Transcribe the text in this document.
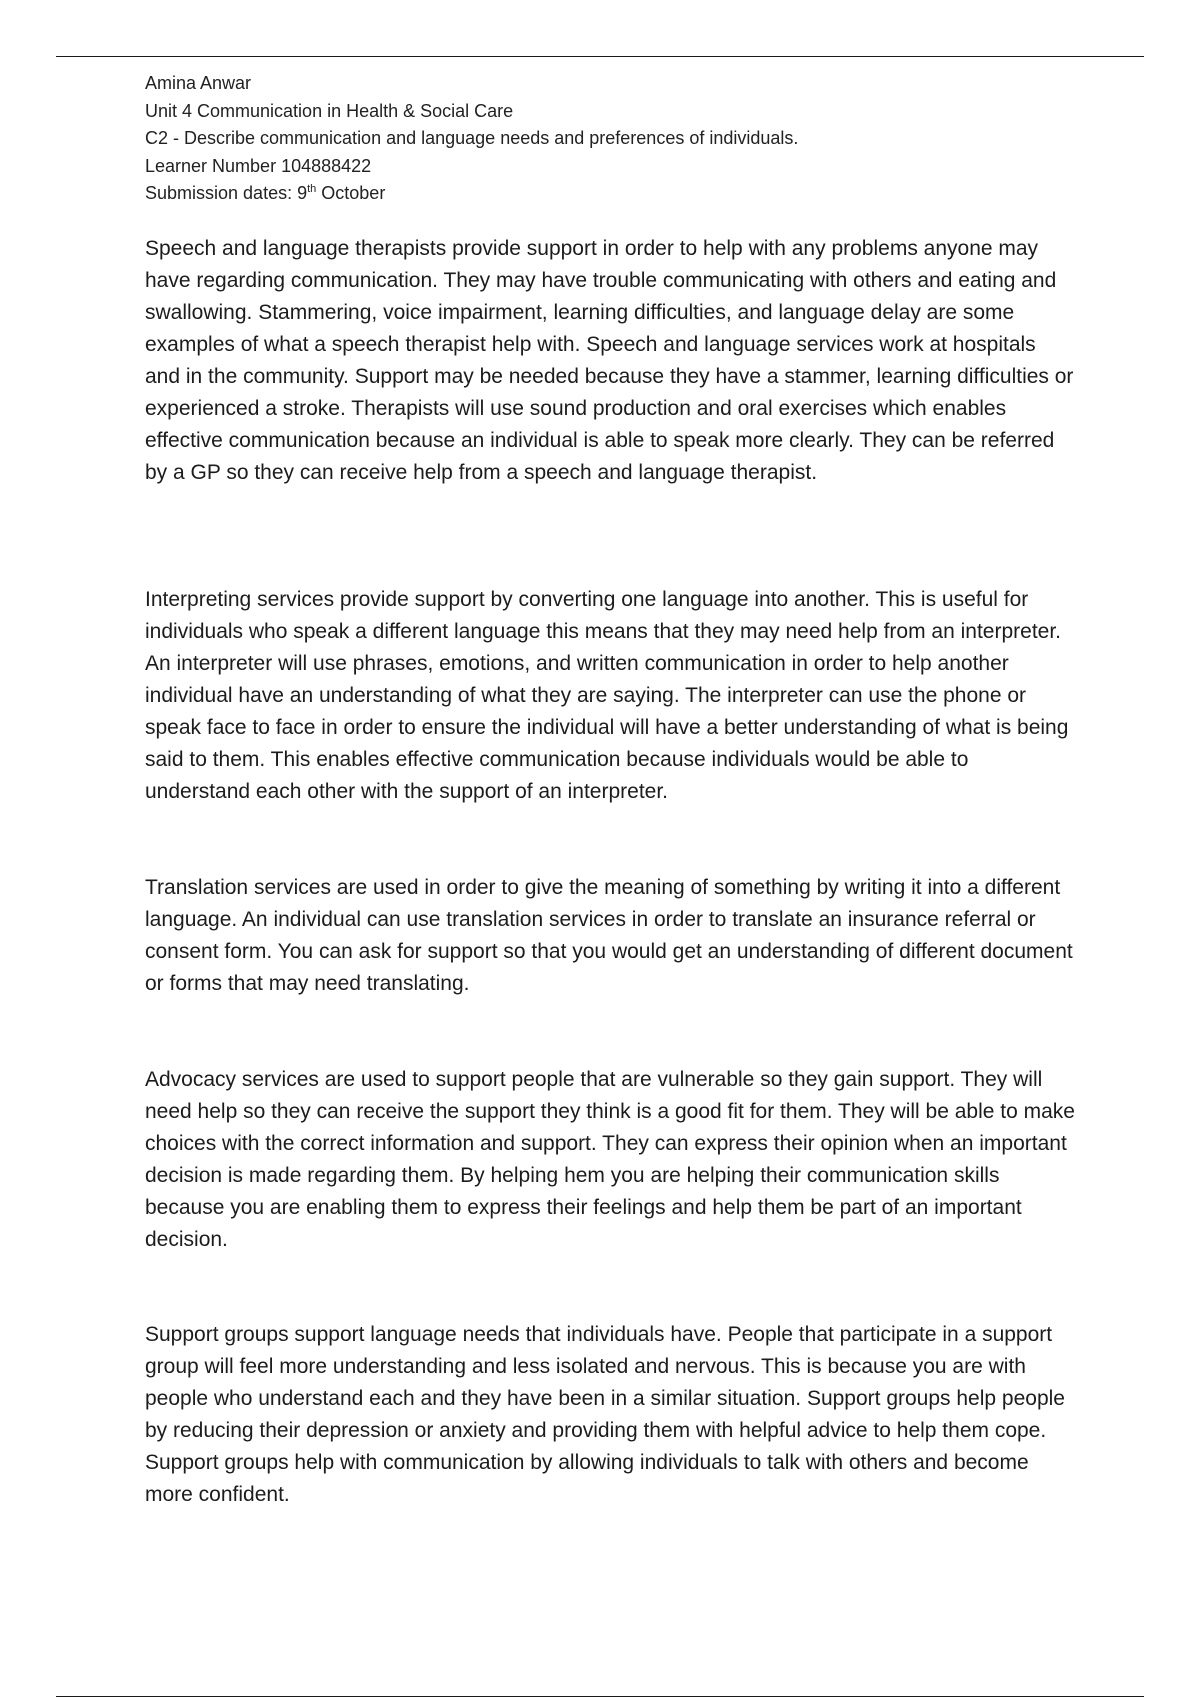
Amina Anwar
Unit 4 Communication in Health & Social Care
C2 - Describe communication and language needs and preferences of individuals.
Learner Number 104888422
Submission dates: 9th October

Speech and language therapists provide support in order to help with any problems anyone may have regarding communication. They may have trouble communicating with others and eating and swallowing. Stammering, voice impairment, learning difficulties, and language delay are some examples of what a speech therapist help with. Speech and language services work at hospitals and in the community. Support may be needed because they have a stammer, learning difficulties or experienced a stroke. Therapists will use sound production and oral exercises which enables effective communication because an individual is able to speak more clearly. They can be referred by a GP so they can receive help from a speech and language therapist.

Interpreting services provide support by converting one language into another. This is useful for individuals who speak a different language this means that they may need help from an interpreter. An interpreter will use phrases, emotions, and written communication in order to help another individual have an understanding of what they are saying. The interpreter can use the phone or speak face to face in order to ensure the individual will have a better understanding of what is being said to them. This enables effective communication because individuals would be able to understand each other with the support of an interpreter.

Translation services are used in order to give the meaning of something by writing it into a different language. An individual can use translation services in order to translate an insurance referral or consent form. You can ask for support so that you would get an understanding of different document or forms that may need translating.

Advocacy services are used to support people that are vulnerable so they gain support. They will need help so they can receive the support they think is a good fit for them. They will be able to make choices with the correct information and support. They can express their opinion when an important decision is made regarding them. By helping hem you are helping their communication skills because you are enabling them to express their feelings and help them be part of an important decision.

Support groups support language needs that individuals have. People that participate in a support group will feel more understanding and less isolated and nervous. This is because you are with people who understand each and they have been in a similar situation. Support groups help people by reducing their depression or anxiety and providing them with helpful advice to help them cope. Support groups help with communication by allowing individuals to talk with others and become more confident.
